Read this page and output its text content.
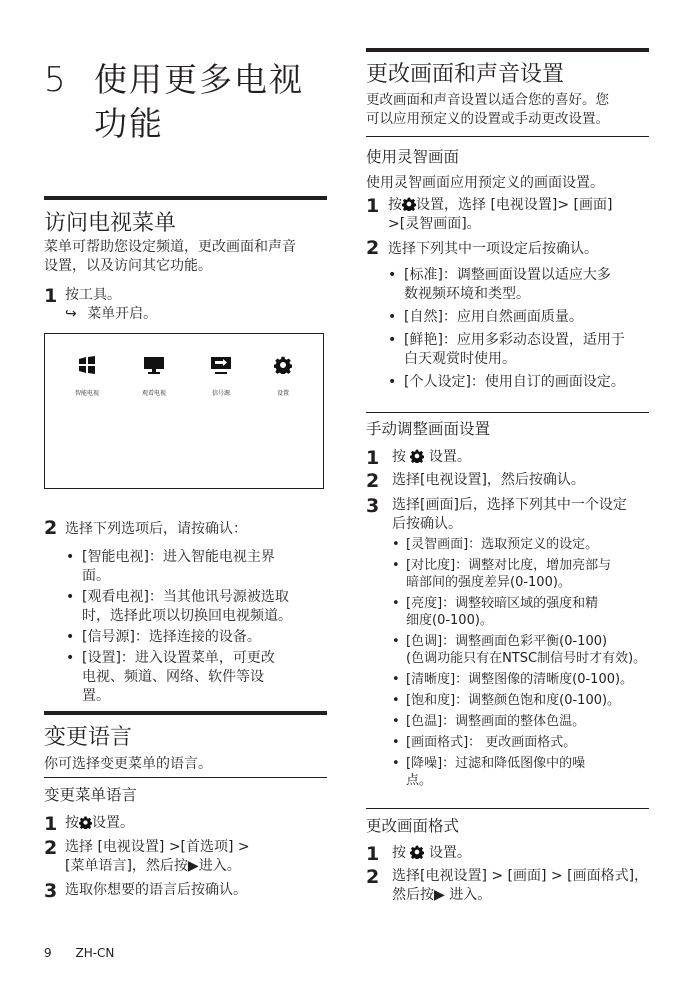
5 使用更多电视
功能
访问电视菜单
菜单可帮助您设定频道，更改画面和声音
设置，以及访问其它功能。
1 按工具。
↪ 菜单开启。
智能电视	观看电视	信号源	设置
2 选择下列选项后，请按确认：
• [智能电视]：进入智能电视主界
面。
• [观看电视]：当其他讯号源被选取
时，选择此项以切换回电视频道。
• [信号源]：选择连接的设备。
• [设置]：进入设置菜单，可更改
电视、频道、网络、软件等设
置。
变更语言
你可选择变更菜单的语言。
变更菜单语言
1 按 设置。
2 选择 [电视设置] >[首选项] >
[菜单语言]，然后按▶进入。
3 选取你想要的语言后按确认。
9 ZH-CN
更改画面和声音设置
更改画面和声音设置以适合您的喜好。您
可以应用预定义的设置或手动更改设置。
使用灵智画面
使用灵智画面应用预定义的画面设置。
1 按 设置，选择 [电视设置]> [画面]
>[灵智画面]。
2 选择下列其中一项设定后按确认。
• [标准]：调整画面设置以适应大多
数视频环境和类型。
• [自然]：应用自然画面质量。
• [鲜艳]：应用多彩动态设置，适用于
白天观赏时使用。
• [个人设定]：使用自订的画面设定。
手动调整画面设置
1 按  设置。
2 选择[电视设置]，然后按确认。
3 选择[画面]后，选择下列其中一个设定
后按确认。
• [灵智画面]：选取预定义的设定。
• [对比度]：调整对比度，增加亮部与
暗部间的强度差异(0-100)。
• [亮度]：调整较暗区域的强度和精
细度(0-100)。
• [色调]：调整画面色彩平衡(0-100)
(色调功能只有在NTSC制信号时才有效)。
• [清晰度]：调整图像的清晰度(0-100)。
• [饱和度]：调整颜色饱和度(0-100)。
• [色温]：调整画面的整体色温。
• [画面格式]： 更改画面格式。
• [降噪]：过滤和降低图像中的噪
点。
更改画面格式
1 按  设置。
2 选择[电视设置] > [画面] > [画面格式]，
然后按▶ 进入。
